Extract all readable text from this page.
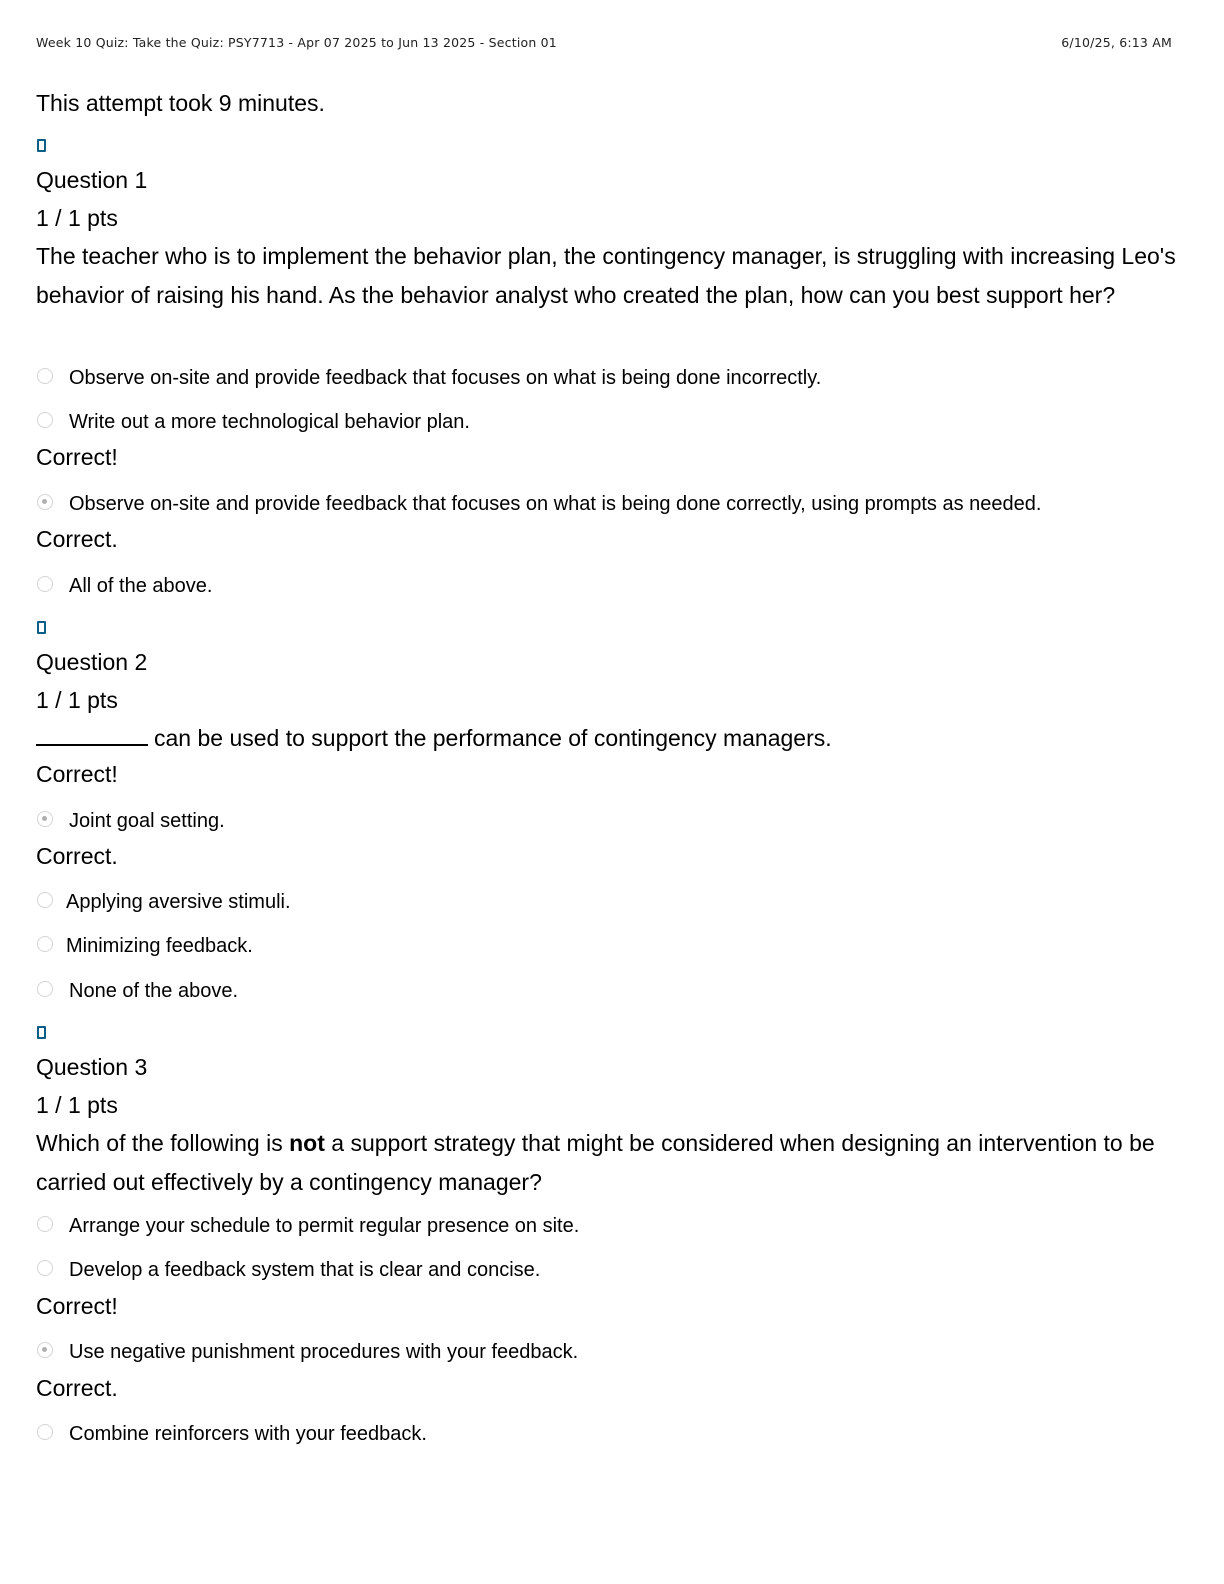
Week 10 Quiz: Take the Quiz: PSY7713 - Apr 07 2025 to Jun 13 2025 - Section 01	6/10/25, 6:13 AM
This attempt took 9 minutes.
Question 1
1 / 1 pts
The teacher who is to implement the behavior plan, the contingency manager, is struggling with increasing Leo's behavior of raising his hand. As the behavior analyst who created the plan, how can you best support her?
Observe on-site and provide feedback that focuses on what is being done incorrectly.
Write out a more technological behavior plan.
Correct!
Observe on-site and provide feedback that focuses on what is being done correctly, using prompts as needed.
Correct.
All of the above.
Question 2
1 / 1 pts
can be used to support the performance of contingency managers.
Correct!
Joint goal setting.
Correct.
Applying aversive stimuli.
Minimizing feedback.
None of the above.
Question 3
1 / 1 pts
Which of the following is not a support strategy that might be considered when designing an intervention to be carried out effectively by a contingency manager?
Arrange your schedule to permit regular presence on site.
Develop a feedback system that is clear and concise.
Correct!
Use negative punishment procedures with your feedback.
Correct.
Combine reinforcers with your feedback.
